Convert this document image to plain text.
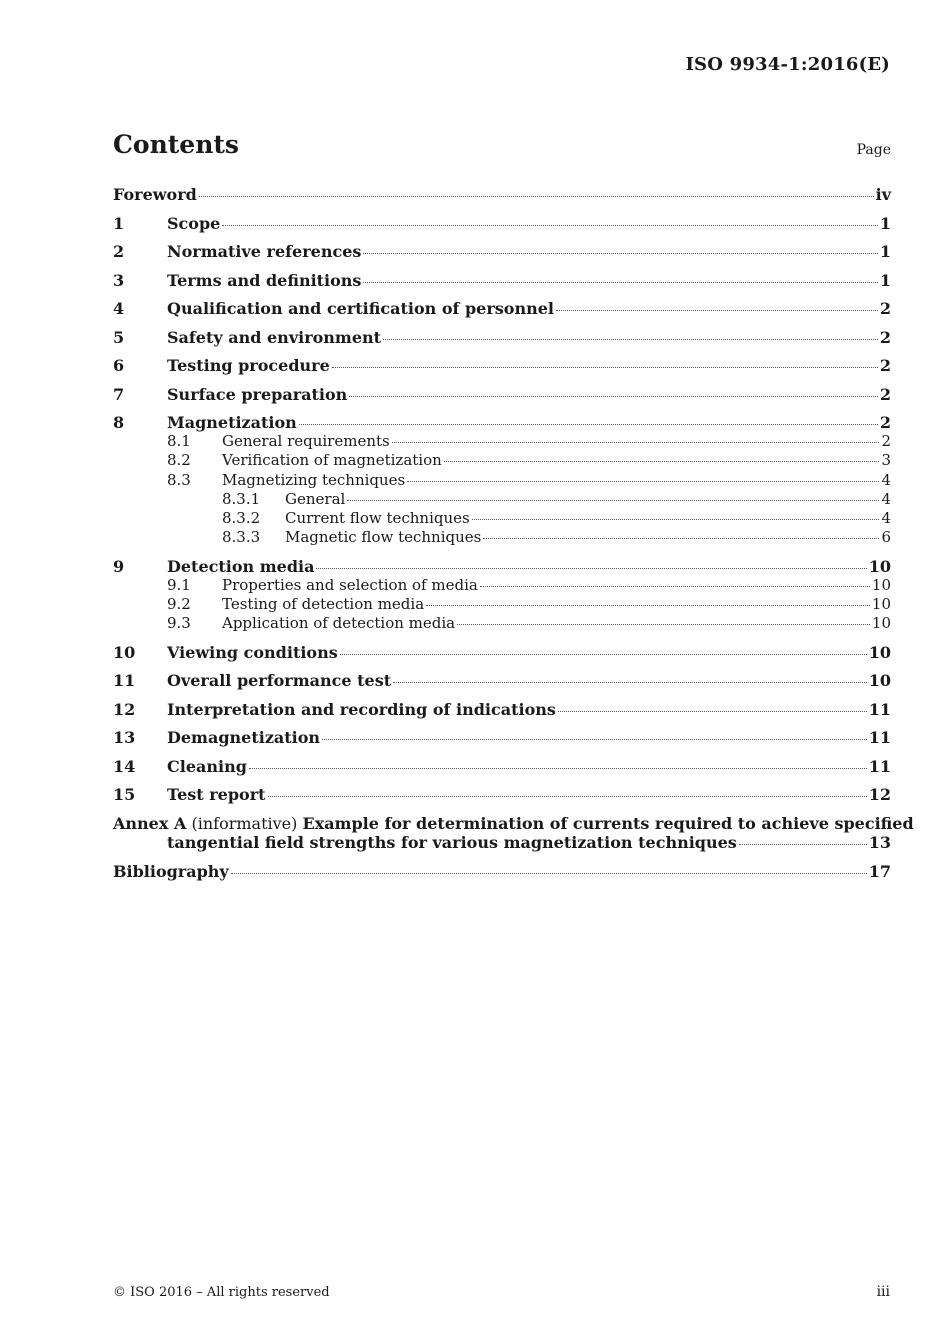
ISO 9934-1:2016(E)
Contents	Page
Foreword	iv
1	Scope	1
2	Normative references	1
3	Terms and definitions	1
4	Qualification and certification of personnel	2
5	Safety and environment	2
6	Testing procedure	2
7	Surface preparation	2
8	Magnetization	2
8.1	General requirements	2
8.2	Verification of magnetization	3
8.3	Magnetizing techniques	4
8.3.1	General	4
8.3.2	Current flow techniques	4
8.3.3	Magnetic flow techniques	6
9	Detection media	10
9.1	Properties and selection of media	10
9.2	Testing of detection media	10
9.3	Application of detection media	10
10	Viewing conditions	10
11	Overall performance test	10
12	Interpretation and recording of indications	11
13	Demagnetization	11
14	Cleaning	11
15	Test report	12
Annex A (informative) Example for determination of currents required to achieve specified
tangential field strengths for various magnetization techniques	13
Bibliography	17
© ISO 2016 – All rights reserved	iii
